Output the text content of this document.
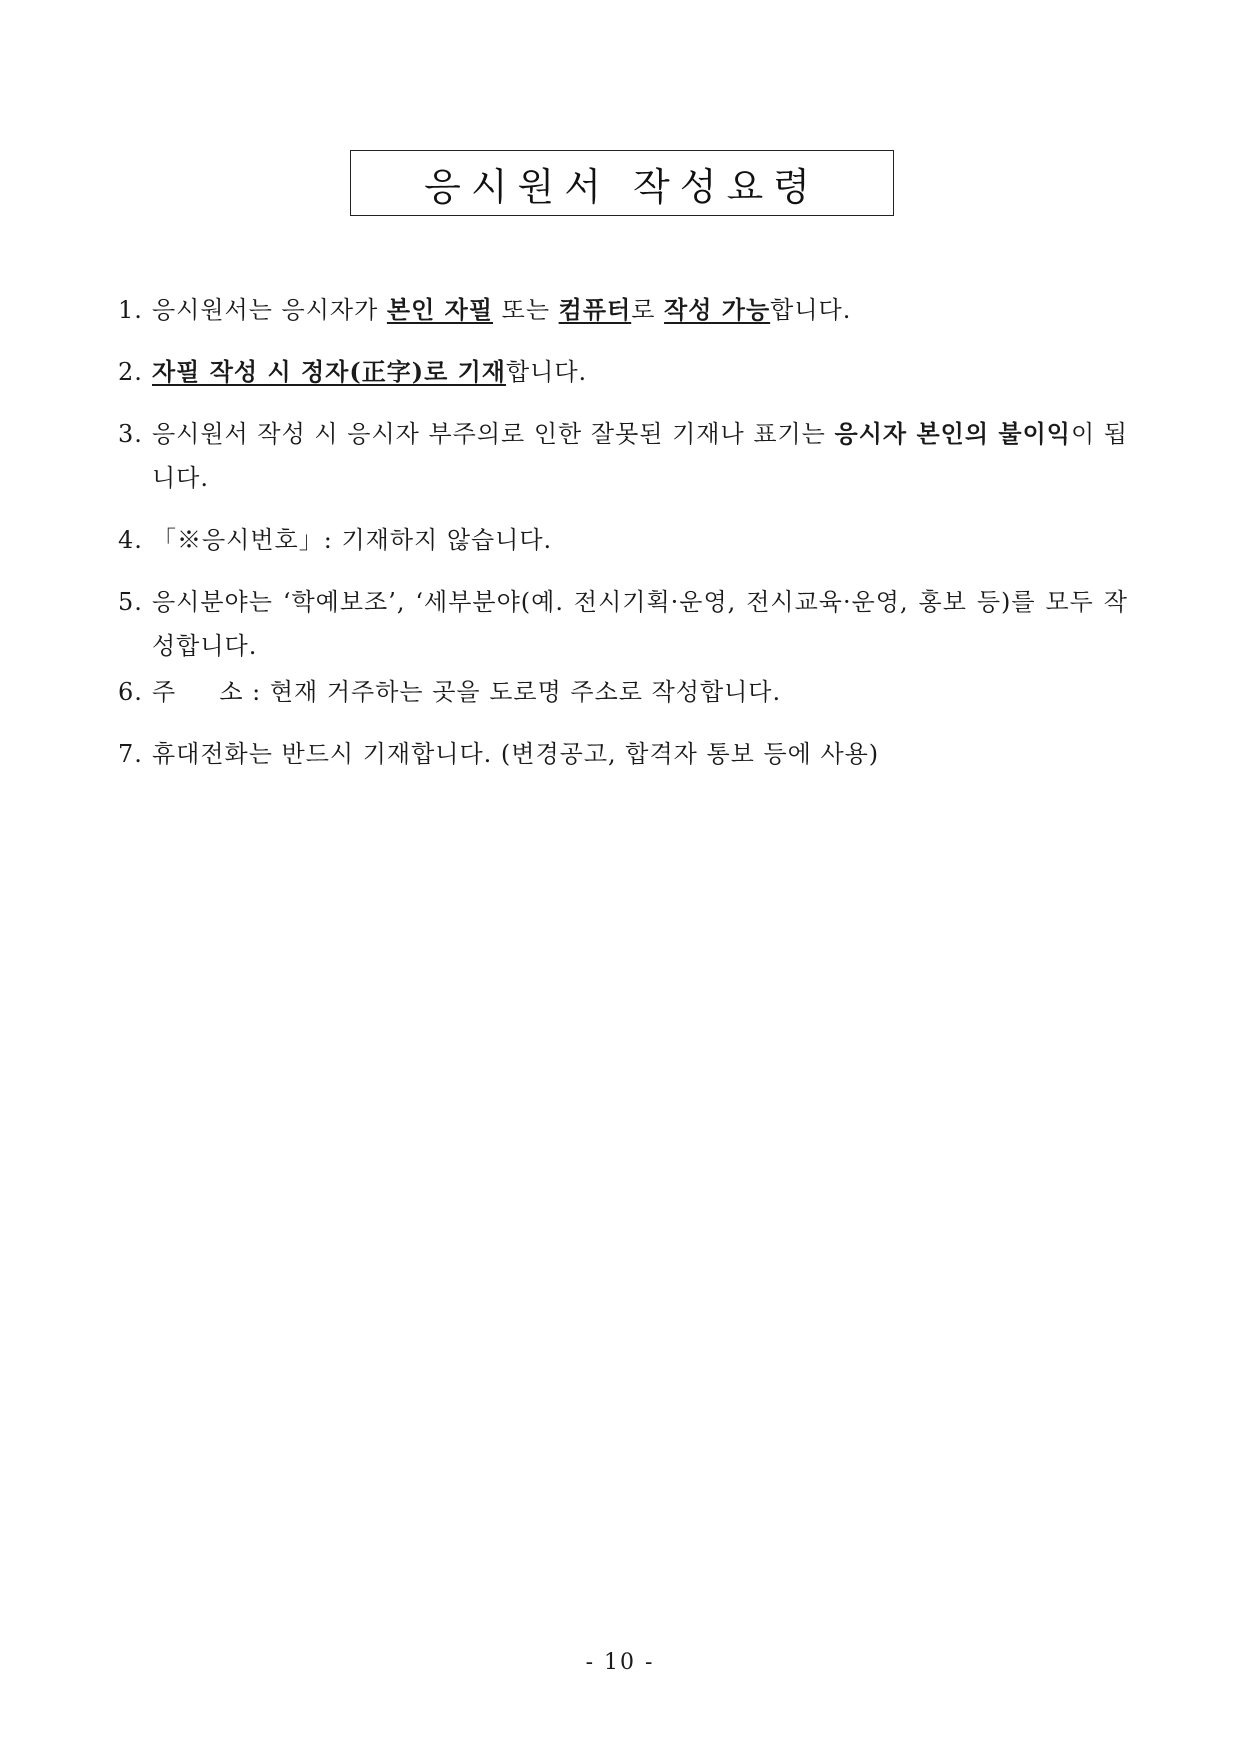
응시원서 작성요령
1. 응시원서는 응시자가 본인 자필 또는 컴퓨터로 작성 가능합니다.
2. 자필 작성 시 정자(正字)로 기재합니다.
3. 응시원서 작성 시 응시자 부주의로 인한 잘못된 기재나 표기는 응시자 본인의 불이익이 됩니다.
4. 「※응시번호」: 기재하지 않습니다.
5. 응시분야는 ‘학예보조’, ‘세부분야(예. 전시기획·운영, 전시교육·운영, 홍보 등)를 모두 작성합니다.
6. 주     소 : 현재 거주하는 곳을 도로명 주소로 작성합니다.
7. 휴대전화는 반드시 기재합니다. (변경공고, 합격자 통보 등에 사용)
- 10 -
